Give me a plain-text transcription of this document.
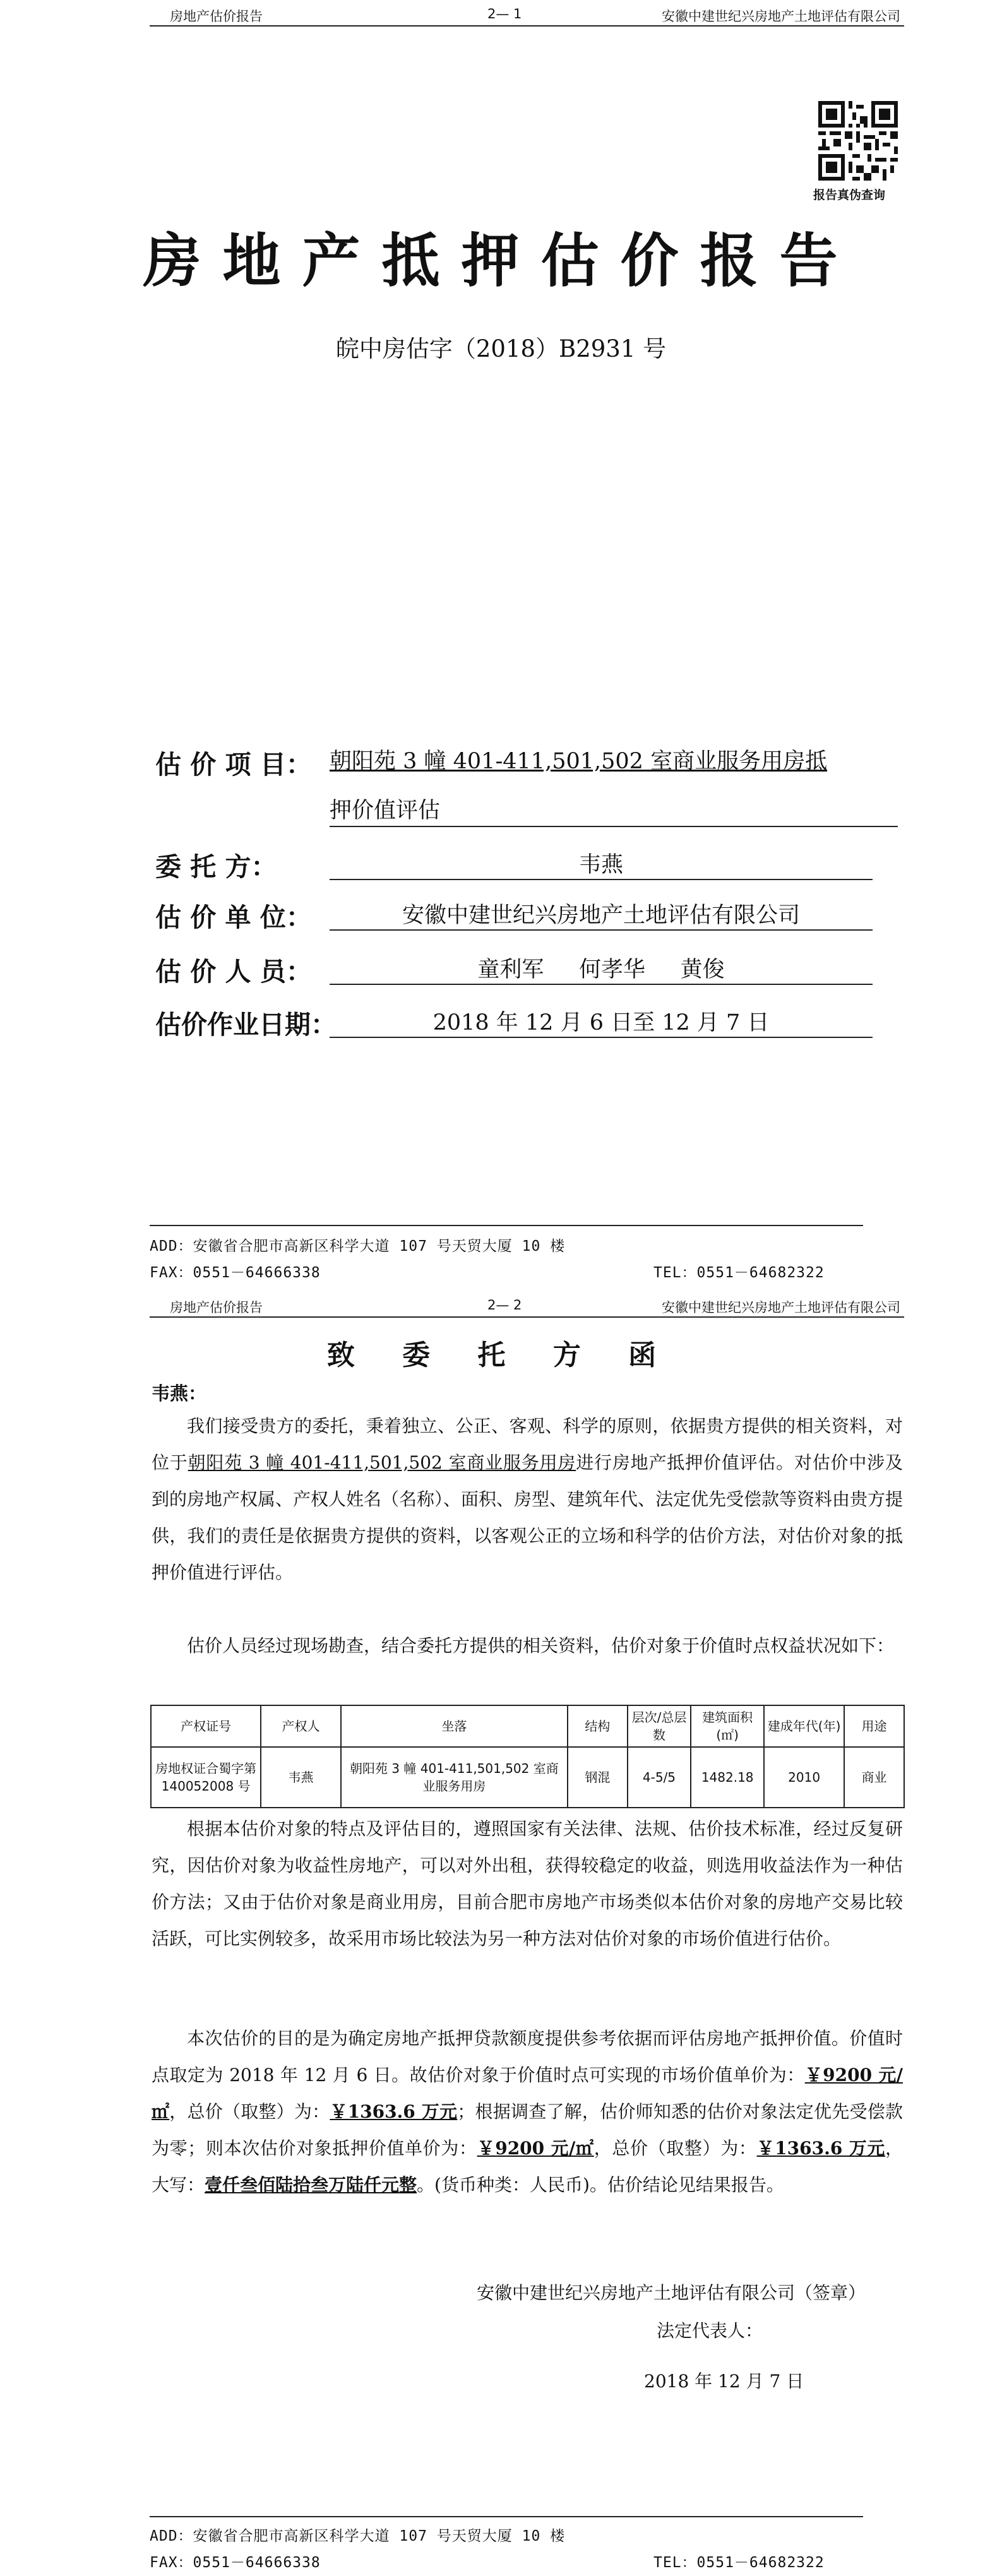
房地产估价报告	2— 1	安徽中建世纪兴房地产土地评估有限公司
报告真伪查询
房地产抵押估价报告
皖中房估字（2018）B2931 号
估 价 项 目： 朝阳苑 3 幢 401-411,501,502 室商业服务用房抵
押价值评估
委 托 方：	韦燕
估 价 单 位：	安徽中建世纪兴房地产土地评估有限公司
估 价 人 员：	童利军     何孝华     黄俊
估价作业日期：	2018 年 12 月 6 日至 12 月 7 日
ADD：安徽省合肥市高新区科学大道 107 号天贸大厦 10 楼
FAX：0551－64666338	TEL：0551－64682322
房地产估价报告	2— 2	安徽中建世纪兴房地产土地评估有限公司
致 委 托 方 函
韦燕：
我们接受贵方的委托，秉着独立、公正、客观、科学的原则，依据贵方提供的相关资料，对位于朝阳苑 3 幢 401-411,501,502 室商业服务用房进行房地产抵押价值评估。对估价中涉及到的房地产权属、产权人姓名（名称）、面积、房型、建筑年代、法定优先受偿款等资料由贵方提供，我们的责任是依据贵方提供的资料，以客观公正的立场和科学的估价方法，对估价对象的抵押价值进行评估。
估价人员经过现场勘查，结合委托方提供的相关资料，估价对象于价值时点权益状况如下：
产权证号	产权人	坐落	结构	层次/总层数	建筑面积(㎡)	建成年代(年)	用途
房地权证合蜀字第 140052008 号	韦燕	朝阳苑 3 幢 401-411,501,502 室商业服务用房	钢混	4-5/5	1482.18	2010	商业
根据本估价对象的特点及评估目的，遵照国家有关法律、法规、估价技术标准，经过反复研究，因估价对象为收益性房地产，可以对外出租，获得较稳定的收益，则选用收益法作为一种估价方法；又由于估价对象是商业用房，目前合肥市房地产市场类似本估价对象的房地产交易比较活跃，可比实例较多，故采用市场比较法为另一种方法对估价对象的市场价值进行估价。
本次估价的目的是为确定房地产抵押贷款额度提供参考依据而评估房地产抵押价值。价值时点取定为 2018 年 12 月 6 日。故估价对象于价值时点可实现的市场价值单价为：￥9200 元/㎡，总价（取整）为：￥1363.6 万元；根据调查了解，估价师知悉的估价对象法定优先受偿款为零；则本次估价对象抵押价值单价为：￥9200 元/㎡，总价（取整）为：￥1363.6 万元，大写：壹仟叁佰陆拾叁万陆仟元整。(货币种类：人民币)。估价结论见结果报告。
安徽中建世纪兴房地产土地评估有限公司（签章）
法定代表人：
2018 年 12 月 7 日
ADD：安徽省合肥市高新区科学大道 107 号天贸大厦 10 楼
FAX：0551－64666338	TEL：0551－64682322
